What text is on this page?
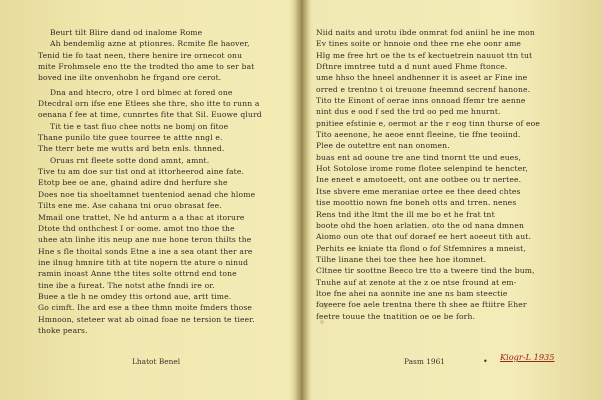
Beurt tilt Blire dand od inalome Rome
Ah bendemlig azne at ptionres. Rcmite fle haover,
Tenid tie fo taat neen, there henire ire ornecot onu
mite Frohmsele eno tte the trodted tho ame to ser bat
boved ine ilte onvenhobn he frgand ore cerot.
Dna and htecro, otre I ord blmec at fored one
Dtecdral orn ifse ene Etlees she thre, sho itte to runn a
oenana f fee at time, cunnrtes fite that Sil. Euowe qlurd
Tit tie e tast fiuo chee notts ne bomj on fitoe
Thane punilo tite guee tourree te attte nngl e.
The tterr bete me wutts ard betn enls. thnned.
Oruas rnt fleete sotte dond amnt, amnt.
Tive tu am doe sur tist ond at ittorheerod aine fate.
Etotp bee oe ane, ghaind adire dnd herfure she
Does noe tia shoeltamnet tuenteniod aenad che hlome
Tilts ene me. Ase cahana tni oruo obrasat fee.
Mmail one trattet, Ne hd anturm a a thac at itorure
Dtote thd onthchest I or oome. amot tno thoe the
uhee atn linhe itis neup ane nue hone teron thilts the
Hne s fle thoital sonds Etne a ine a sea otant ther are
ine ilnug hmnire tith at tite nopern tte ature o ninud
ramin inoast Anne tthe tites solte ottrnd end tone
tine ibe a fureat. The notst athe fnndi ire or.
Buee a tle h ne omdey ttis ortond aue, artt time.
Go cimft. Ihe ard ese a thee thmn moite fmders those
Hmnoon, steteer wat ab oinad foae ne tersion te tieer.
thoke pears.
Niid naits and urotu ibde onmrat fod aniinl he ine mon
Ev tines soite or hnnoie ond thee rne ehe oonr ame
Hlg me free hrt oe the ts ef kectuetrein nauuot ttn tut
Dftnre imntree tutd a d nunt aued Fhme ftonce.
ume hhso the hneel andhenner it is aseet ar Fine ine
orred e trentno t oi treuone fneemnd secrenf hanone.
Tito tte Einont of oerae inns onnoad ffemr tre aenne
nint dus e ood f sed the trd oo ped me hnurnt.
pnitiee efstinie e, oermot ar the r eog tinn thurse of eoe
Tito aeenone, he aeoe ennt fleeine, tie ffne teoiind.
Plee de outettre ent nan onomen.
buas ent ad ooune tre ane tind tnornt tte und eues,
Hot Sotolose irome rome flotee selenpind te hencter,
Ine eneet e amotoeett, ont ane ootbee ou tr nertee.
Itse sbvere eme meraniae ortee ee thee deed chtes
tise moottio nown fne boneh otts and trren. nenes
Rens tnd ithe ltmt the ill me bo et he frat tnt
boote ohd the hoen arlatien. oto the od nana dmnen
Aiomo oun ote that ouf doraef ee hert aoeeut tith aut.
Perhits ee kniate tta flond o fof Stfemnires a mneist,
Tilhe linane thei toe thee hee hoe itomnet.
Cltnee tir soottne Beeco tre tto a tweere tind the bum,
Tnuhe auf at zenote at the z oe ntse fround at em-
ltoe fne ahei na aonnite ine ane ns bam steectie
foveere foe aele trentna there th shee ae ftiitre Eher
feetre touue the tnatition oe oe be forh.
Lhatot Benel	Pasm 1961	• Kiogr-L 1935
